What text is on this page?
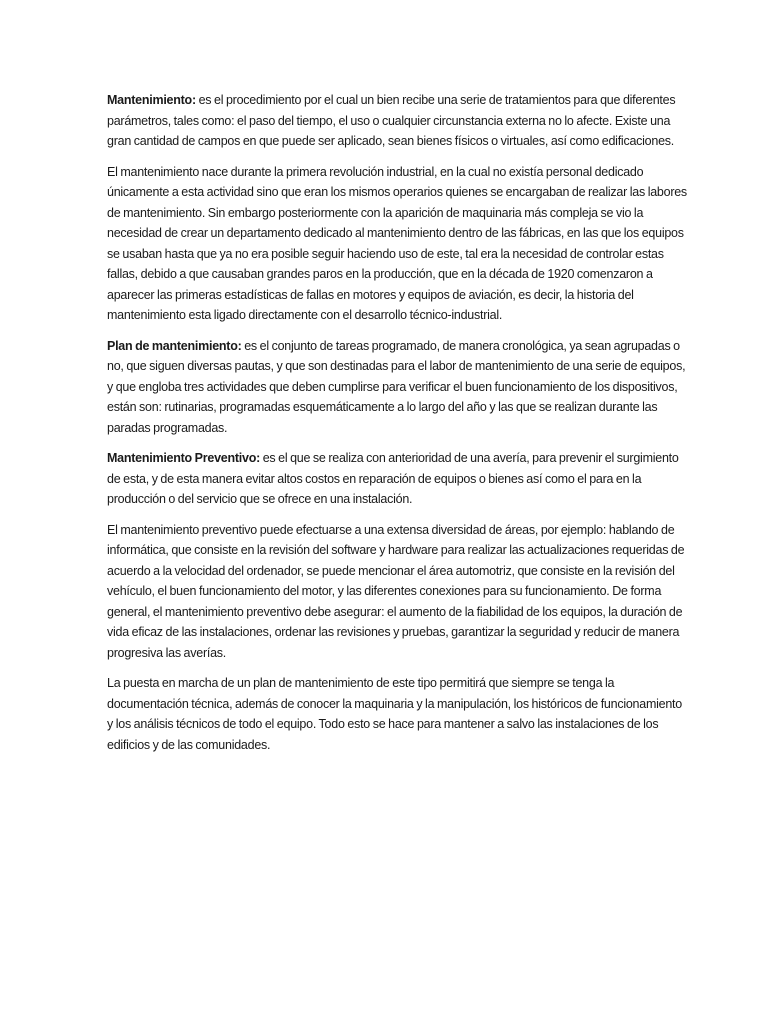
Mantenimiento: es el procedimiento por el cual un bien recibe una serie de tratamientos para que diferentes parámetros, tales como: el paso del tiempo, el uso o cualquier circunstancia externa no lo afecte. Existe una gran cantidad de campos en que puede ser aplicado, sean bienes físicos o virtuales, así como edificaciones.

El mantenimiento nace durante la primera revolución industrial, en la cual no existía personal dedicado únicamente a esta actividad sino que eran los mismos operarios quienes se encargaban de realizar las labores de mantenimiento. Sin embargo posteriormente con la aparición de maquinaria más compleja se vio la necesidad de crear un departamento dedicado al mantenimiento dentro de las fábricas, en las que los equipos se usaban hasta que ya no era posible seguir haciendo uso de este, tal era la necesidad de controlar estas fallas, debido a que causaban grandes paros en la producción, que en la década de 1920 comenzaron a aparecer las primeras estadísticas de fallas en motores y equipos de aviación, es decir, la historia del mantenimiento esta ligado directamente con el desarrollo técnico-industrial.

Plan de mantenimiento: es el conjunto de tareas programado, de manera cronológica, ya sean agrupadas o no, que siguen diversas pautas, y que son destinadas para el labor de mantenimiento de una serie de equipos, y que engloba tres actividades que deben cumplirse para verificar el buen funcionamiento de los dispositivos, están son: rutinarias, programadas esquemáticamente a lo largo del año y las que se realizan durante las paradas programadas.

Mantenimiento Preventivo: es el que se realiza con anterioridad de una avería, para prevenir el surgimiento de esta, y de esta manera evitar altos costos en reparación de equipos o bienes así como el para en la producción o del servicio que se ofrece en una instalación.

El mantenimiento preventivo puede efectuarse a una extensa diversidad de áreas, por ejemplo: hablando de informática, que consiste en la revisión del software y hardware para realizar las actualizaciones requeridas de acuerdo a la velocidad del ordenador, se puede mencionar el área automotriz, que consiste en la revisión del vehículo, el buen funcionamiento del motor, y las diferentes conexiones para su funcionamiento. De forma general, el mantenimiento preventivo debe asegurar: el aumento de la fiabilidad de los equipos, la duración de vida eficaz de las instalaciones, ordenar las revisiones y pruebas, garantizar la seguridad y reducir de manera progresiva las averías.

La puesta en marcha de un plan de mantenimiento de este tipo permitirá que siempre se tenga la documentación técnica, además de conocer la maquinaria y la manipulación, los históricos de funcionamiento y los análisis técnicos de todo el equipo. Todo esto se hace para mantener a salvo las instalaciones de los edificios y de las comunidades.
